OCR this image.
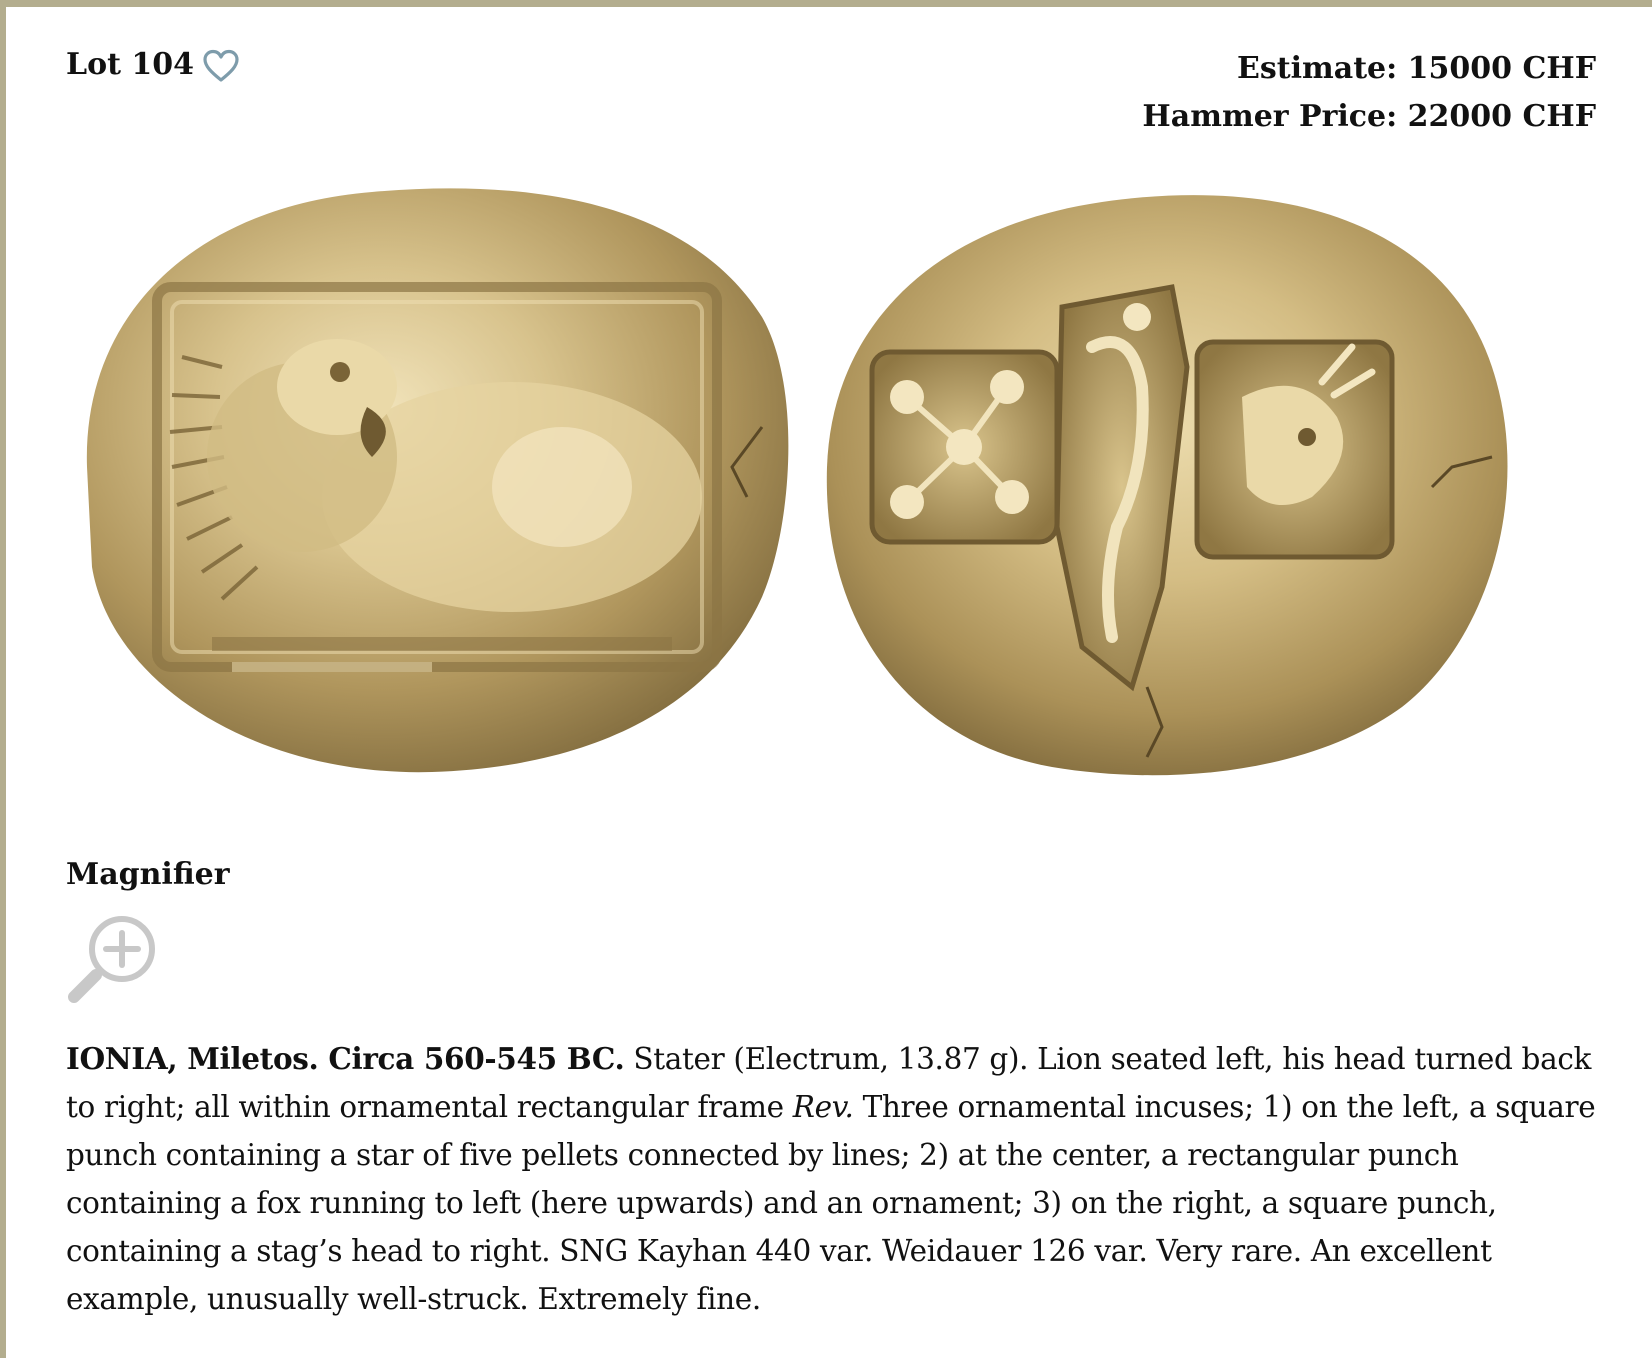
Lot 104	Estimate: 15000 CHF
Hammer Price: 22000 CHF
Magnifier
IONIA, Miletos. Circa 560-545 BC. Stater (Electrum, 13.87 g). Lion seated left, his head turned back to right; all within ornamental rectangular frame Rev. Three ornamental incuses; 1) on the left, a square punch containing a star of five pellets connected by lines; 2) at the center, a rectangular punch containing a fox running to left (here upwards) and an ornament; 3) on the right, a square punch, containing a stag’s head to right. SNG Kayhan 440 var. Weidauer 126 var. Very rare. An excellent example, unusually well-struck. Extremely fine.
